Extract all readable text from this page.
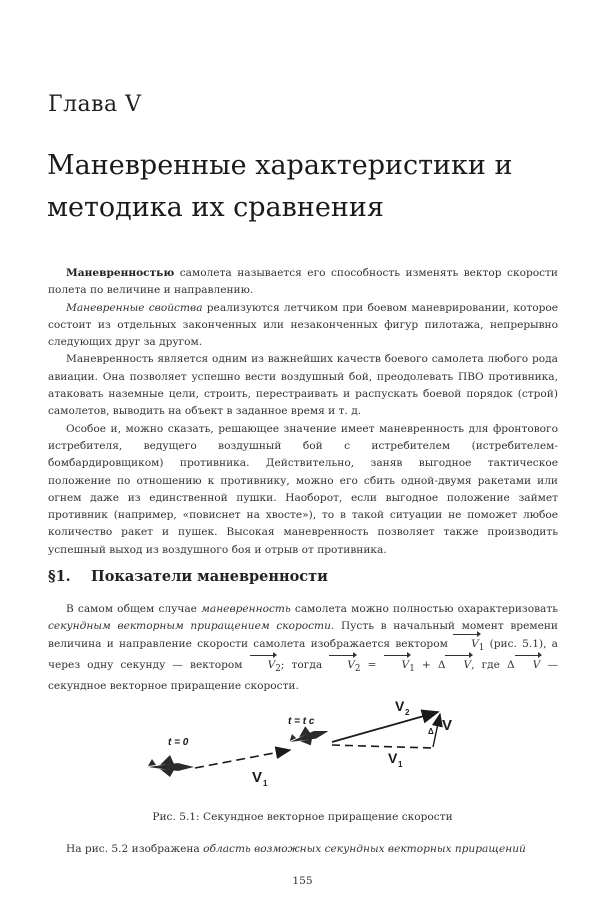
Глава V
Маневренные характеристики и
методика их сравнения

Маневренностью самолета называется его способность изменять вектор скорости полета по величине и направлению.

Маневренные свойства реализуются летчиком при боевом маневрировании, которое состоит из отдельных законченных или незаконченных фигур пилотажа, непрерывно следующих друг за другом.

Маневренность является одним из важнейших качеств боевого самолета любого рода авиации. Она позволяет успешно вести воздушный бой, преодолевать ПВО противника, атаковать наземные цели, строить, перестраивать и распускать боевой порядок (строй) самолетов, выводить на объект в заданное время и т. д.

Особое и, можно сказать, решающее значение имеет маневренность для фронтового истребителя, ведущего воздушный бой с истребителем (истребителем-бомбардировщиком) противника. Действительно, заняв выгодное тактическое положение по отношению к противнику, можно его сбить одной-двумя ракетами или огнем даже из единственной пушки. Наоборот, если выгодное положение займет противник (например, «повиснет на хвосте»), то в такой ситуации не поможет любое количество ракет и пушек. Высокая маневренность позволяет также производить успешный выход из воздушного боя и отрыв от противника.

§1. Показатели маневренности

В самом общем случае маневренность самолета можно полностью охарактеризовать секундным векторным приращением скорости. Пусть в начальный момент времени величина и направление скорости самолета изображается вектором $V_1$ (рис. 5.1), а через одну секунду — вектором $V_2$; тогда $V_2 = V_1 + \Delta$ V, где Δ V — секундное векторное приращение скорости.

t = 0
t = t c
V 1
V 2
V 1
Δ V
Рис. 5.1: Секундное векторное приращение скорости
На рис. 5.2 изображена область возможных секундных векторных приращений
155
